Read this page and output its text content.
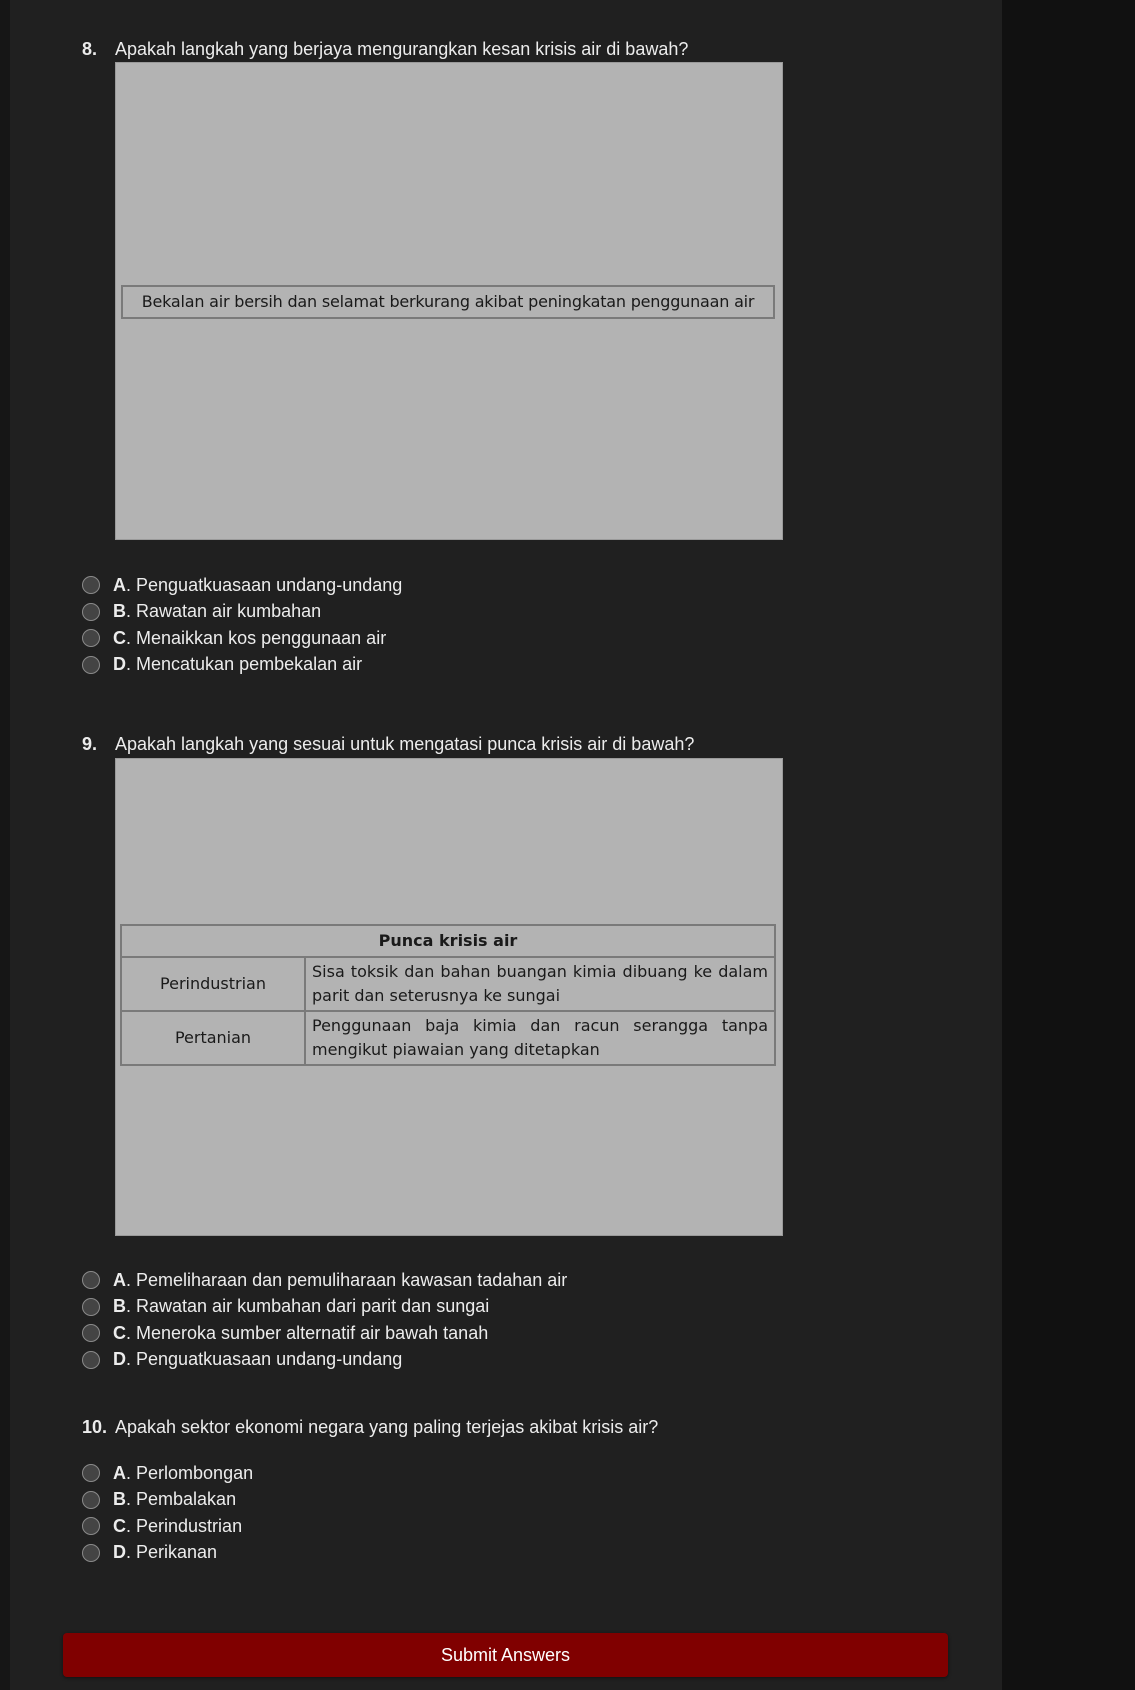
8. Apakah langkah yang berjaya mengurangkan kesan krisis air di bawah?
Bekalan air bersih dan selamat berkurang akibat peningkatan penggunaan air
A . Penguatkuasaan undang-undang
B . Rawatan air kumbahan
C . Menaikkan kos penggunaan air
D . Mencatukan pembekalan air
9. Apakah langkah yang sesuai untuk mengatasi punca krisis air di bawah?
Punca krisis air	
Perindustrian	Sisa toksik dan bahan buangan kimia dibuang ke dalam parit dan seterusnya ke sungai
Pertanian	Penggunaan baja kimia dan racun serangga tanpa mengikut piawaian yang ditetapkan
A . Pemeliharaan dan pemuliharaan kawasan tadahan air
B . Rawatan air kumbahan dari parit dan sungai
C . Meneroka sumber alternatif air bawah tanah
D . Penguatkuasaan undang-undang
10. Apakah sektor ekonomi negara yang paling terjejas akibat krisis air?
A . Perlombongan
B . Pembalakan
C . Perindustrian
D . Perikanan
Submit Answers
